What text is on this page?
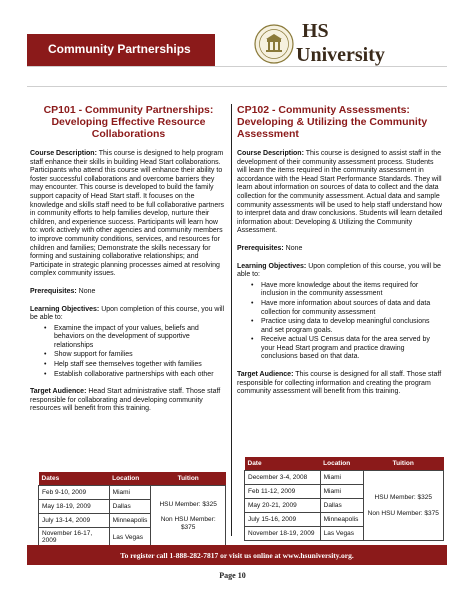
Community Partnerships
HS
University
CP101 - Community Partnerships: Developing Effective Resource Collaborations

Course Description: This course is designed to help program staff enhance their skills in building Head Start collaborations. Participants who attend this course will enhance their ability to foster successful collaborations and overcome barriers they may encounter. This course is developed to build the family support capacity of Head Start staff. It focuses on the knowledge and skills staff need to be full collaborative partners in community efforts to help families develop, nurture their children, and experience success. Participants will learn how to: work actively with other agencies and community members to improve community conditions, services, and resources for children and families; Demonstrate the skills necessary for forming and sustaining collaborative relationships; and Participate in strategic planning processes aimed at resolving complex community issues.

Prerequisites: None

Learning Objectives: Upon completion of this course, you will be able to:

• Examine the impact of your values, beliefs and behaviors on the development of supportive relationships
• Show support for families
• Help staff see themselves together with families
• Establish collaborative partnerships with each other

Target Audience: Head Start administrative staff. Those staff responsible for collaborating and developing community resources will benefit from this training.

CP102 - Community Assessments: Developing & Utilizing the Community Assessment

Course Description: This course is designed to assist staff in the development of their community assessment process. Students will learn the items required in the community assessment in accordance with the Head Start Performance Standards. They will learn about information on sources of data to collect and the data collection for the community assessment. Actual data and sample community assessments will be used to help staff understand how to interpret data and draw conclusions. Students will learn detailed information about: Developing & Utilizing the Community Assessment.

Prerequisites: None

Learning Objectives: Upon completion of this course, you will be able to:

• Have more knowledge about the items required for inclusion in the community assessment
• Have more information about sources of data and data collection for community assessment
• Practice using data to develop meaningful conclusions and set program goals.
• Receive actual US Census data for the area served by your Head Start program and practice drawing conclusions based on that data.

Target Audience: This course is designed for all staff. Those staff responsible for collecting information and creating the program community assessment will benefit from this training.

Dates	Location	Tuition
Feb 9-10, 2009	Miami	HSU Member: $325
Non HSU Member: $375

May 18-19, 2009	Dallas	
July 13-14, 2009	Minneapolis	
November 16-17, 2009	Las Vegas	
Date	Location	Tuition
December 3-4, 2008	Miami	HSU Member: $325
Non HSU Member: $375

Feb 11-12, 2009	Miami	
May 20-21, 2009	Dallas	
July 15-16, 2009	Minneapolis	
November 18-19, 2009	Las Vegas	
To register call 1-888-282-7817 or visit us online at www.hsuniversity.org.
Page 10
